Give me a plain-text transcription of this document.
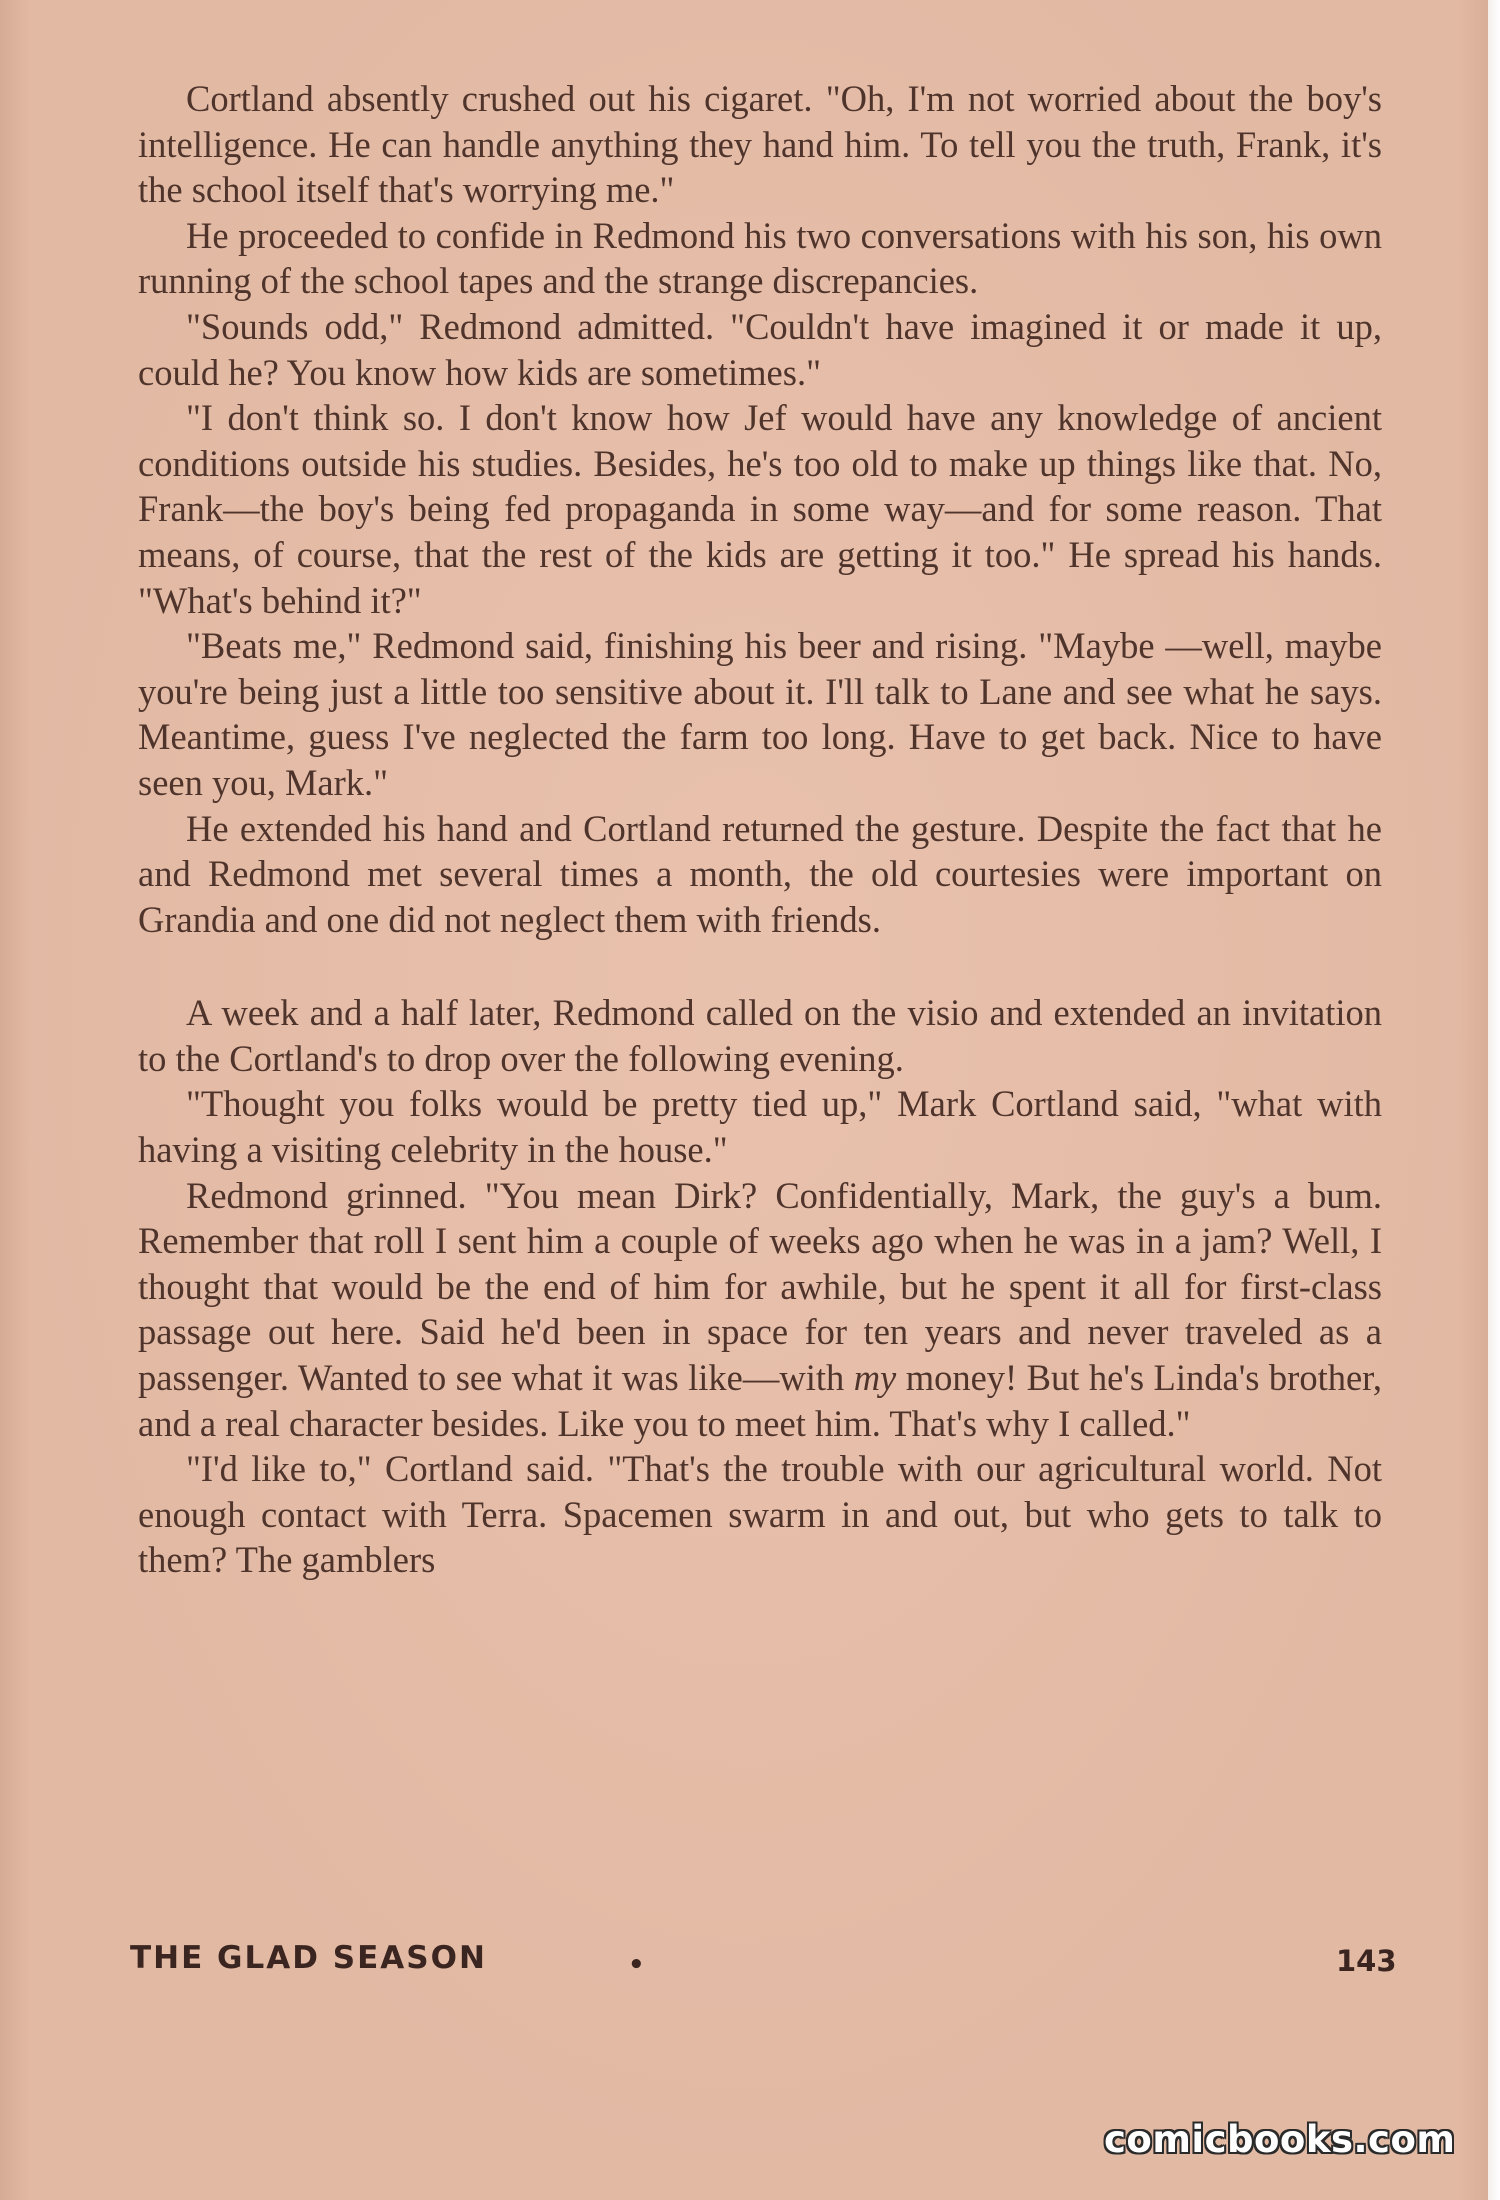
Cortland absently crushed out his cigaret. "Oh, I'm not worried about the boy's intelligence. He can handle anything they hand him. To tell you the truth, Frank, it's the school itself that's worrying me."

He proceeded to confide in Redmond his two conversations with his son, his own running of the school tapes and the strange discrepancies.

"Sounds odd," Redmond admitted. "Couldn't have imagined it or made it up, could he? You know how kids are sometimes."

"I don't think so. I don't know how Jef would have any knowledge of ancient conditions outside his studies. Besides, he's too old to make up things like that. No, Frank—the boy's being fed propaganda in some way—and for some reason. That means, of course, that the rest of the kids are getting it too." He spread his hands. "What's behind it?"

"Beats me," Redmond said, finishing his beer and rising. "Maybe —well, maybe you're being just a little too sensitive about it. I'll talk to Lane and see what he says. Meantime, guess I've neglected the farm too long. Have to get back. Nice to have seen you, Mark."

He extended his hand and Cortland returned the gesture. Despite the fact that he and Redmond met several times a month, the old courtesies were important on Grandia and one did not neglect them with friends.

A week and a half later, Redmond called on the visio and extended an invitation to the Cortland's to drop over the following evening.

"Thought you folks would be pretty tied up," Mark Cortland said, "what with having a visiting celebrity in the house."

Redmond grinned. "You mean Dirk? Confidentially, Mark, the guy's a bum. Remember that roll I sent him a couple of weeks ago when he was in a jam? Well, I thought that would be the end of him for awhile, but he spent it all for first-class passage out here. Said he'd been in space for ten years and never traveled as a passenger. Wanted to see what it was like—with my money! But he's Linda's brother, and a real character besides. Like you to meet him. That's why I called."

"I'd like to," Cortland said. "That's the trouble with our agricultural world. Not enough contact with Terra. Spacemen swarm in and out, but who gets to talk to them? The gamblers

THE GLAD SEASON	•	143
comicbooks.com
